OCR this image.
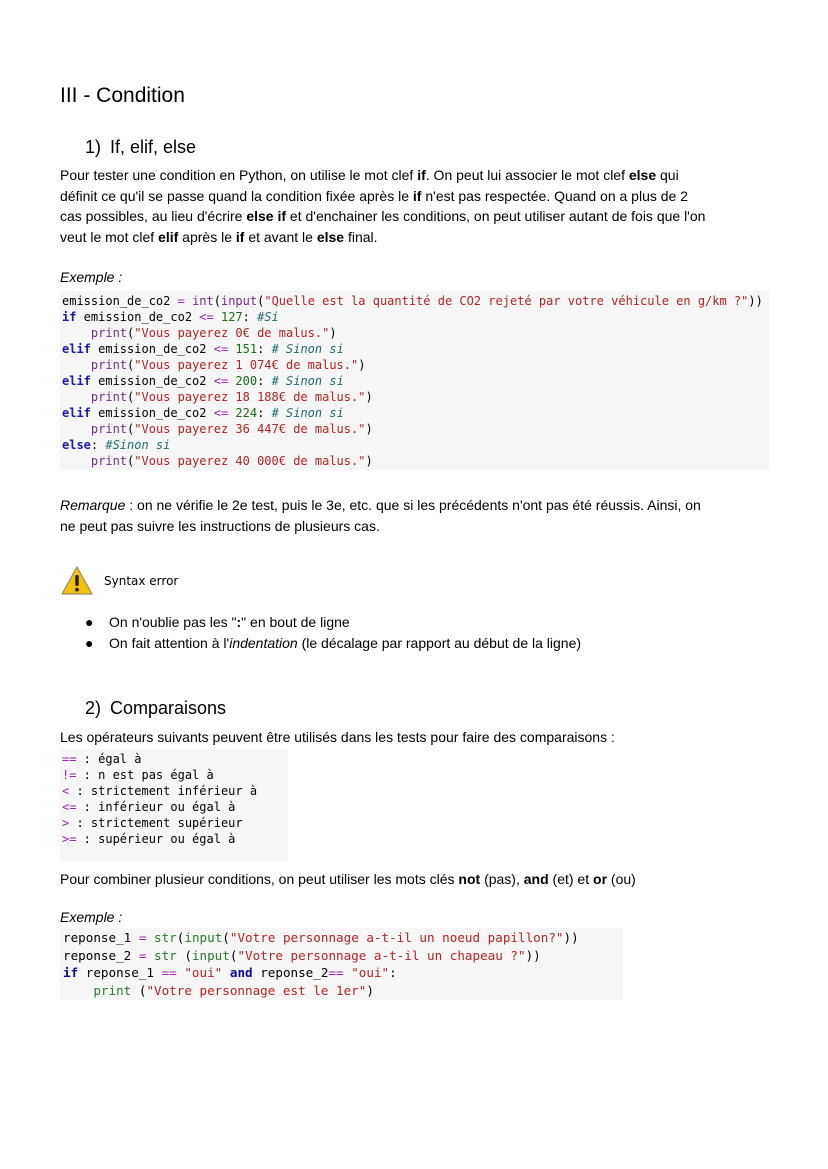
III - Condition
1) If, elif, else

Pour tester une condition en Python, on utilise le mot clef if. On peut lui associer le mot clef else qui
définit ce qu'il se passe quand la condition fixée après le if n'est pas respectée. Quand on a plus de 2
cas possibles, au lieu d'écrire else if et d'enchainer les conditions, on peut utiliser autant de fois que l'on
veut le mot clef elif après le if et avant le else final.

Exemple :

emission_de_co2 = int(input("Quelle est la quantité de CO2 rejeté par votre véhicule en g/km ?"))
if emission_de_co2 <= 127: #Si
print("Vous payerez 0€ de malus.")
elif emission_de_co2 <= 151: # Sinon si
print("Vous payerez 1 074€ de malus.")
elif emission_de_co2 <= 200: # Sinon si
print("Vous payerez 18 188€ de malus.")
elif emission_de_co2 <= 224: # Sinon si
print("Vous payerez 36 447€ de malus.")
else: #Sinon si
print("Vous payerez 40 000€ de malus.")

Remarque : on ne vérifie le 2e test, puis le 3e, etc. que si les précédents n'ont pas été réussis. Ainsi, on
ne peut pas suivre les instructions de plusieurs cas.

Syntax error
● On n'oublie pas les ":" en bout de ligne
● On fait attention à l'indentation (le décalage par rapport au début de la ligne)
2) Comparaisons

Les opérateurs suivants peuvent être utilisés dans les tests pour faire des comparaisons :

== : égal à
!= : n est pas égal à
< : strictement inférieur à
<= : inférieur ou égal à
> : strictement supérieur
>= : supérieur ou égal à

Pour combiner plusieur conditions, on peut utiliser les mots clés not (pas), and (et) et or (ou)

Exemple :

reponse_1 = str(input("Votre personnage a-t-il un noeud papillon?"))
reponse_2 = str (input("Votre personnage a-t-il un chapeau ?"))
if reponse_1 == "oui" and reponse_2== "oui":
print ("Votre personnage est le 1er")
